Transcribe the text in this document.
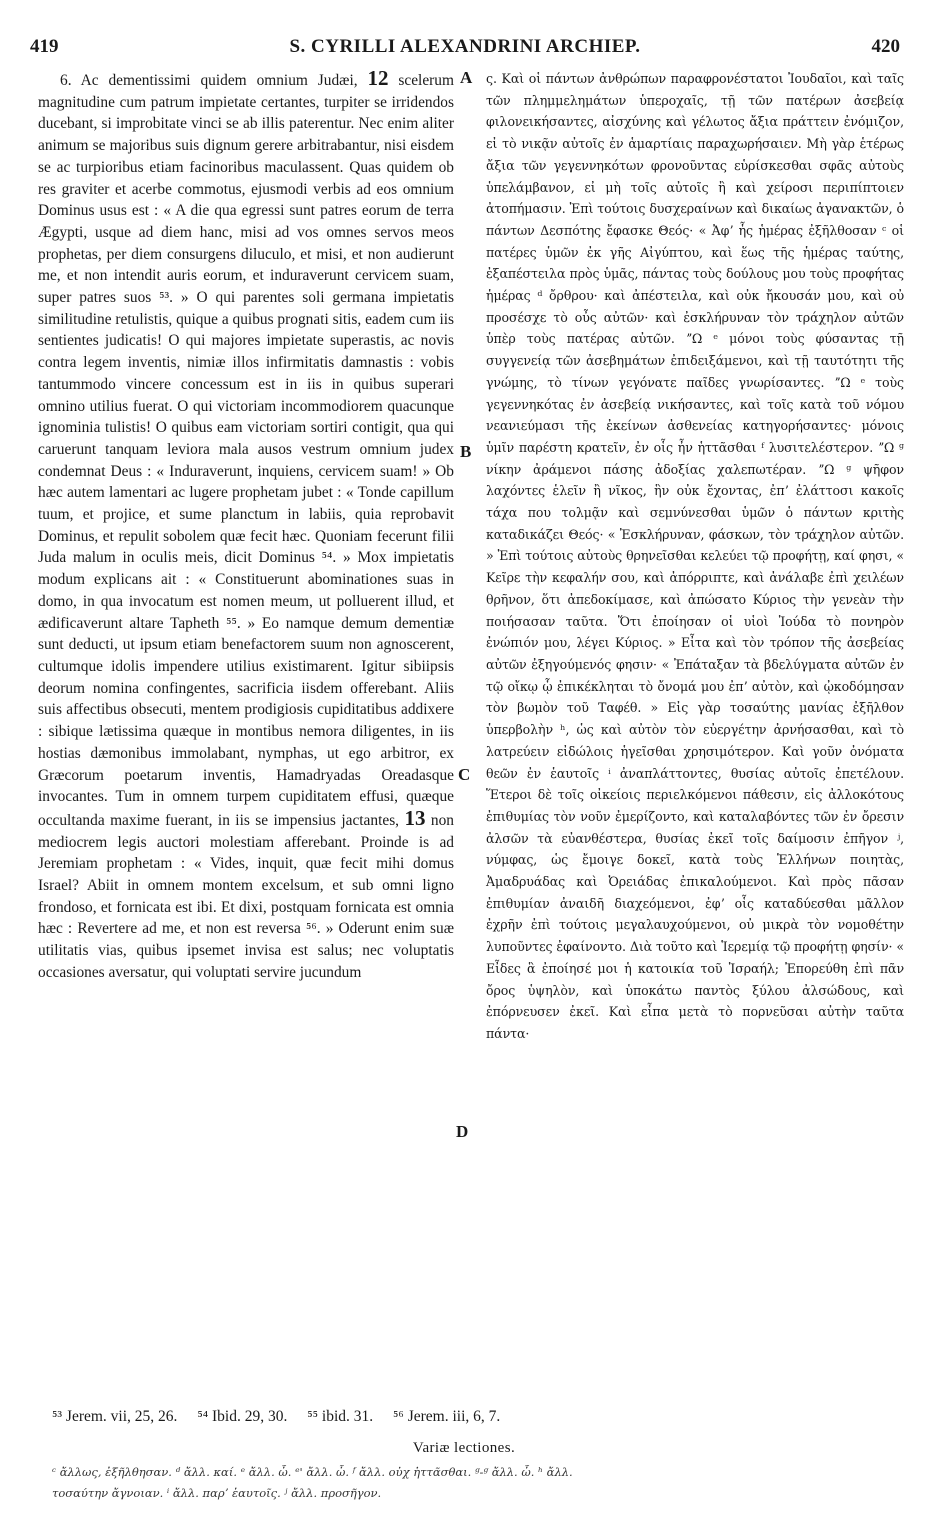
419	S. CYRILLI ALEXANDRINI ARCHIEP.	420

6. Ac dementissimi quidem omnium Judæi, 12 scelerum magnitudine cum patrum impietate certantes, turpiter se irridendos ducebant, si improbitate vinci se ab illis paterentur. Nec enim aliter animum se majoribus suis dignum gerere arbitrabantur, nisi eisdem se ac turpioribus etiam facinoribus maculassent. Quas quidem ob res graviter et acerbe commotus, ejusmodi verbis ad eos omnium Dominus usus est : « A die qua egressi sunt patres eorum de terra Ægypti, usque ad diem hanc, misi ad vos omnes servos meos prophetas, per diem consurgens diluculo, et misi, et non audierunt me, et non intendit auris eorum, et induraverunt cervicem suam, super patres suos ⁵³. » O qui parentes soli germana impietatis similitudine retulistis, quique a quibus prognati sitis, eadem cum iis sentientes judicatis! O qui majores impietate superastis, ac novis contra legem inventis, nimiæ illos infirmitatis damnastis : vobis tantummodo vincere concessum est in iis in quibus superari omnino utilius fuerat. O qui victoriam incommodiorem quacunque ignominia tulistis! O quibus eam victoriam sortiri contigit, qua qui caruerunt tanquam leviora mala ausos vestrum omnium judex condemnat Deus : « Induraverunt, inquiens, cervicem suam! » Ob hæc autem lamentari ac lugere prophetam jubet : « Tonde capillum tuum, et projice, et sume planctum in labiis, quia reprobavit Dominus, et repulit sobolem quæ fecit hæc. Quoniam fecerunt filii Juda malum in oculis meis, dicit Dominus ⁵⁴. » Mox impietatis modum explicans ait : « Constituerunt abominationes suas in domo, in qua invocatum est nomen meum, ut polluerent illud, et ædificaverunt altare Tapheth ⁵⁵. » Eo namque demum dementiæ sunt deducti, ut ipsum etiam benefactorem suum non agnoscerent, cultumque idolis impendere utilius existimarent. Igitur sibiipsis deorum nomina confingentes, sacrificia iisdem offerebant. Aliis suis affectibus obsecuti, mentem prodigiosis cupiditatibus addixere : sibique lætissima quæque in montibus nemora diligentes, in iis hostias dæmonibus immolabant, nymphas, ut ego arbitror, ex Græcorum poetarum inventis, Hamadryadas Oreadasque invocantes. Tum in omnem turpem cupiditatem effusi, quæque occultanda maxime fuerant, in iis se impensius jactantes, 13 non mediocrem legis auctori molestiam afferebant. Proinde is ad Jeremiam prophetam : « Vides, inquit, quæ fecit mihi domus Israel? Abiit in omnem montem excelsum, et sub omni ligno frondoso, et fornicata est ibi. Et dixi, postquam fornicata est omnia hæc : Revertere ad me, et non est reversa ⁵⁶. » Oderunt enim suæ utilitatis vias, quibus ipsemet invisa est salus; nec voluptatis occasiones aversatur, qui voluptati servire jucundum

A
B
C
D

ς. Καὶ οἱ πάντων ἀνθρώπων παραφρονέστατοι Ἰουδαῖοι, καὶ ταῖς τῶν πλημμελημάτων ὑπεροχαῖς, τῇ τῶν πατέρων ἀσεβείᾳ φιλονεικήσαντες, αἰσχύνης καὶ γέλωτος ἄξια πράττειν ἐνόμιζον, εἰ τὸ νικᾷν αὐτοῖς ἐν ἁμαρτίαις παραχωρήσαιεν. Μὴ γὰρ ἑτέρως ἄξια τῶν γεγεννηκότων φρονοῦντας εὑρίσκεσθαι σφᾶς αὐτοὺς ὑπελάμβανον, εἰ μὴ τοῖς αὐτοῖς ἢ καὶ χείροσι περιπίπτοιεν ἀτοπήμασιν. Ἐπὶ τούτοις δυσχεραίνων καὶ δικαίως ἀγανακτῶν, ὁ πάντων Δεσπότης ἔφασκε Θεός· « Ἀφʼ ἧς ἡμέρας ἐξῆλθοσαν ᶜ οἱ πατέρες ὑμῶν ἐκ γῆς Αἰγύπτου, καὶ ἕως τῆς ἡμέρας ταύτης, ἐξαπέστειλα πρὸς ὑμᾶς, πάντας τοὺς δούλους μου τοὺς προφήτας ἡμέρας ᵈ ὄρθρου· καὶ ἀπέστειλα, καὶ οὐκ ἤκουσάν μου, καὶ οὐ προσέσχε τὸ οὖς αὐτῶν· καὶ ἐσκλήρυναν τὸν τράχηλον αὐτῶν ὑπὲρ τοὺς πατέρας αὐτῶν. ˮΩ ᵉ μόνοι τοὺς φύσαντας τῇ συγγενείᾳ τῶν ἀσεβημάτων ἐπιδειξάμενοι, καὶ τῇ ταυτότητι τῆς γνώμης, τὸ τίνων γεγόνατε παῖδες γνωρίσαντες. ˮΩ ᵉ τοὺς γεγεννηκότας ἐν ἀσεβείᾳ νικήσαντες, καὶ τοῖς κατὰ τοῦ νόμου νεανιεύμασι τῆς ἐκείνων ἀσθενείας κατηγορήσαντες· μόνοις ὑμῖν παρέστη κρατεῖν, ἐν οἷς ἦν ἡττᾶσθαι ᶠ λυσιτελέστερον. ˮΩ ᵍ νίκην ἀράμενοι πάσης ἀδοξίας χαλεπωτέραν. ˮΩ ᵍ ψῆφον λαχόντες ἑλεῖν ἢ νῖκος, ἣν οὐκ ἔχοντας, ἐπʼ ἐλάττοσι κακοῖς τάχα που τολμᾷν καὶ σεμνύνεσθαι ὑμῶν ὁ πάντων κριτὴς καταδικάζει Θεός· « Ἐσκλήρυναν, φάσκων, τὸν τράχηλον αὐτῶν. » Ἐπὶ τούτοις αὐτοὺς θρηνεῖσθαι κελεύει τῷ προφήτῃ, καί φησι, « Κεῖρε τὴν κεφαλήν σου, καὶ ἀπόρριπτε, καὶ ἀνάλαβε ἐπὶ χειλέων θρῆνον, ὅτι ἀπεδοκίμασε, καὶ ἀπώσατο Κύριος τὴν γενεὰν τὴν ποιήσασαν ταῦτα. Ὅτι ἐποίησαν οἱ υἱοὶ Ἰούδα τὸ πονηρὸν ἐνώπιόν μου, λέγει Κύριος. » Εἶτα καὶ τὸν τρόπον τῆς ἀσεβείας αὐτῶν ἐξηγούμενός φησιν· « Ἐπάταξαν τὰ βδελύγματα αὐτῶν ἐν τῷ οἴκῳ ᾧ ἐπικέκληται τὸ ὄνομά μου ἐπʼ αὐτὸν, καὶ ᾠκοδόμησαν τὸν βωμὸν τοῦ Ταφέθ. » Εἰς γὰρ τοσαύτης μανίας ἐξῆλθον ὑπερβολὴν ʰ, ὡς καὶ αὐτὸν τὸν εὐεργέτην ἀρνήσασθαι, καὶ τὸ λατρεύειν εἰδώλοις ἡγεῖσθαι χρησιμότερον. Καὶ γοῦν ὀνόματα θεῶν ἐν ἑαυτοῖς ⁱ ἀναπλάττοντες, θυσίας αὐτοῖς ἐπετέλουν. Ἕτεροι δὲ τοῖς οἰκείοις περιελκόμενοι πάθεσιν, εἰς ἀλλοκότους ἐπιθυμίας τὸν νοῦν ἐμερίζοντο, καὶ καταλαβόντες τῶν ἐν ὄρεσιν ἀλσῶν τὰ εὐανθέστερα, θυσίας ἐκεῖ τοῖς δαίμοσιν ἐπῆγον ʲ, νύμφας, ὡς ἔμοιγε δοκεῖ, κατὰ τοὺς Ἑλλήνων ποιητὰς, Ἀμαδρυάδας καὶ Ὀρειάδας ἐπικαλούμενοι. Καὶ πρὸς πᾶσαν ἐπιθυμίαν ἀναιδῆ διαχεόμενοι, ἐφʼ οἷς καταδύεσθαι μᾶλλον ἐχρῆν ἐπὶ τούτοις μεγαλαυχούμενοι, οὐ μικρὰ τὸν νομοθέτην λυποῦντες ἐφαίνοντο. Διὰ τοῦτο καὶ Ἱερεμίᾳ τῷ προφήτῃ φησίν· « Εἶδες ἃ ἐποίησέ μοι ἡ κατοικία τοῦ Ἰσραήλ; Ἐπορεύθη ἐπὶ πᾶν ὄρος ὑψηλὸν, καὶ ὑποκάτω παντὸς ξύλου ἀλσώδους, καὶ ἐπόρνευσεν ἐκεῖ. Καὶ εἶπα μετὰ τὸ πορνεῦσαι αὐτὴν ταῦτα πάντα·

⁵³ Jerem. vii, 25, 26. ⁵⁴ Ibid. 29, 30. ⁵⁵ ibid. 31. ⁵⁶ Jerem. iii, 6, 7.
Variæ lectiones.
ᶜ ἄλλως, ἐξῆλθησαν. ᵈ ἄλλ. καί. ᵉ ἄλλ. ὦ. ᵉ' ἄλλ. ὦ. ᶠ ἄλλ. οὐχ ἡττᾶσθαι. ᵍ-ᵍ ἄλλ. ὦ. ʰ ἄλλ.
τοσαύτην ἄγνοιαν. ⁱ ἄλλ. παρʼ ἑαυτοῖς. ʲ ἄλλ. προσῆγον.
